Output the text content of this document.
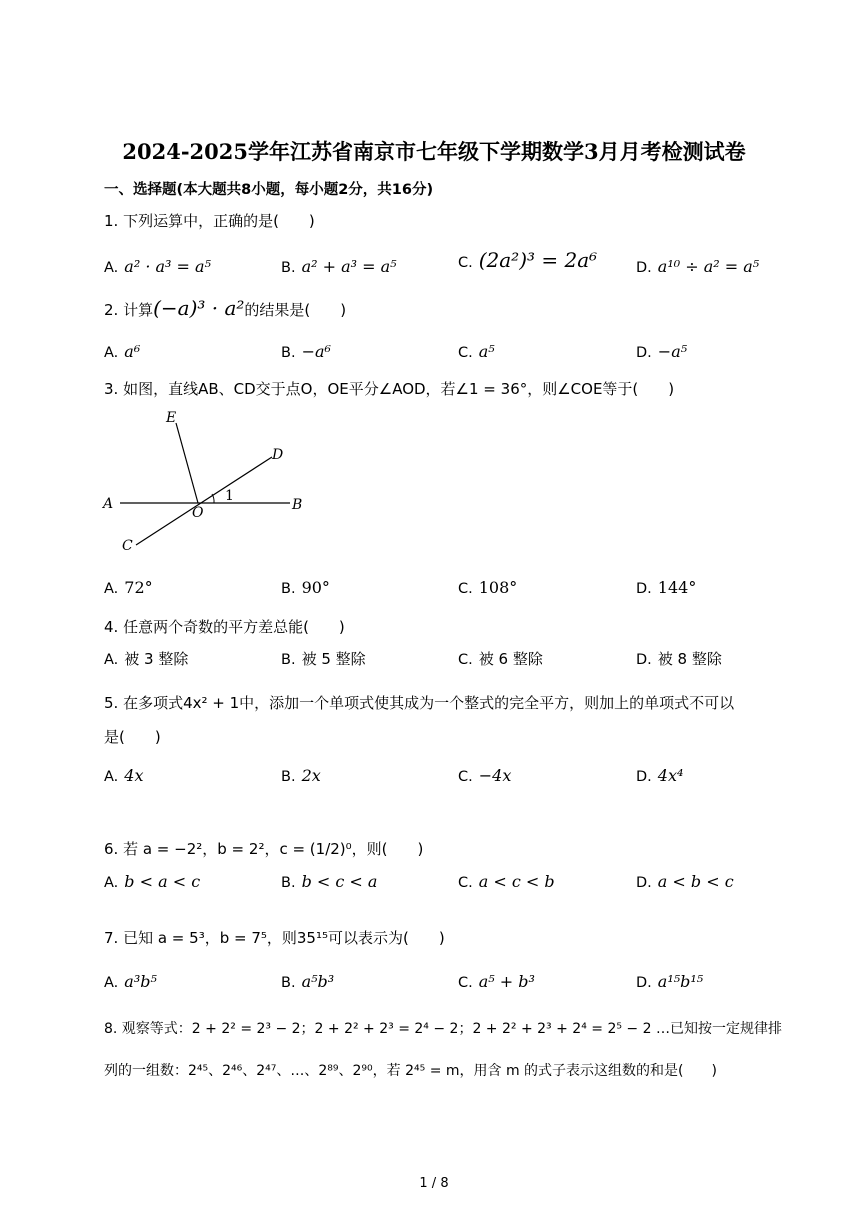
2024-2025学年江苏省南京市七年级下学期数学3月月考检测试卷
一、选择题(本大题共8小题，每小题2分，共16分)
1. 下列运算中，正确的是(　　)
A. a² · a³ = a⁵	B. a² + a³ = a⁵	C. (2a²)³ = 2a⁶	D. a¹⁰ ÷ a² = a⁵
2. 计算(−a)³ · a²的结果是(　　)
A. a⁶	B. −a⁶	C. a⁵	D. −a⁵
3. 如图，直线AB、CD交于点O，OE平分∠AOD，若∠1 = 36°，则∠COE等于(　　)
E
D
A
O
1
B
C
A. 72°	B. 90°	C. 108°	D. 144°
4. 任意两个奇数的平方差总能(　　)
A. 被 3 整除	B. 被 5 整除	C. 被 6 整除	D. 被 8 整除
5. 在多项式4x² + 1中，添加一个单项式使其成为一个整式的完全平方，则加上的单项式不可以
是(　　)
A. 4x	B. 2x	C. −4x	D. 4x⁴
6. 若 a = −2²，b = 2²，c = (1/2)⁰，则(　　)
A. b < a < c	B. b < c < a	C. a < c < b	D. a < b < c
7. 已知 a = 5³，b = 7⁵，则35¹⁵可以表示为(　　)
A. a³b⁵	B. a⁵b³	C. a⁵ + b³	D. a¹⁵b¹⁵
8. 观察等式：2 + 2² = 2³ − 2；2 + 2² + 2³ = 2⁴ − 2；2 + 2² + 2³ + 2⁴ = 2⁵ − 2 …已知按一定规律排
列的一组数：2⁴⁵、2⁴⁶、2⁴⁷、…、2⁸⁹、2⁹⁰，若 2⁴⁵ = m，用含 m 的式子表示这组数的和是(　　)
1 / 8
